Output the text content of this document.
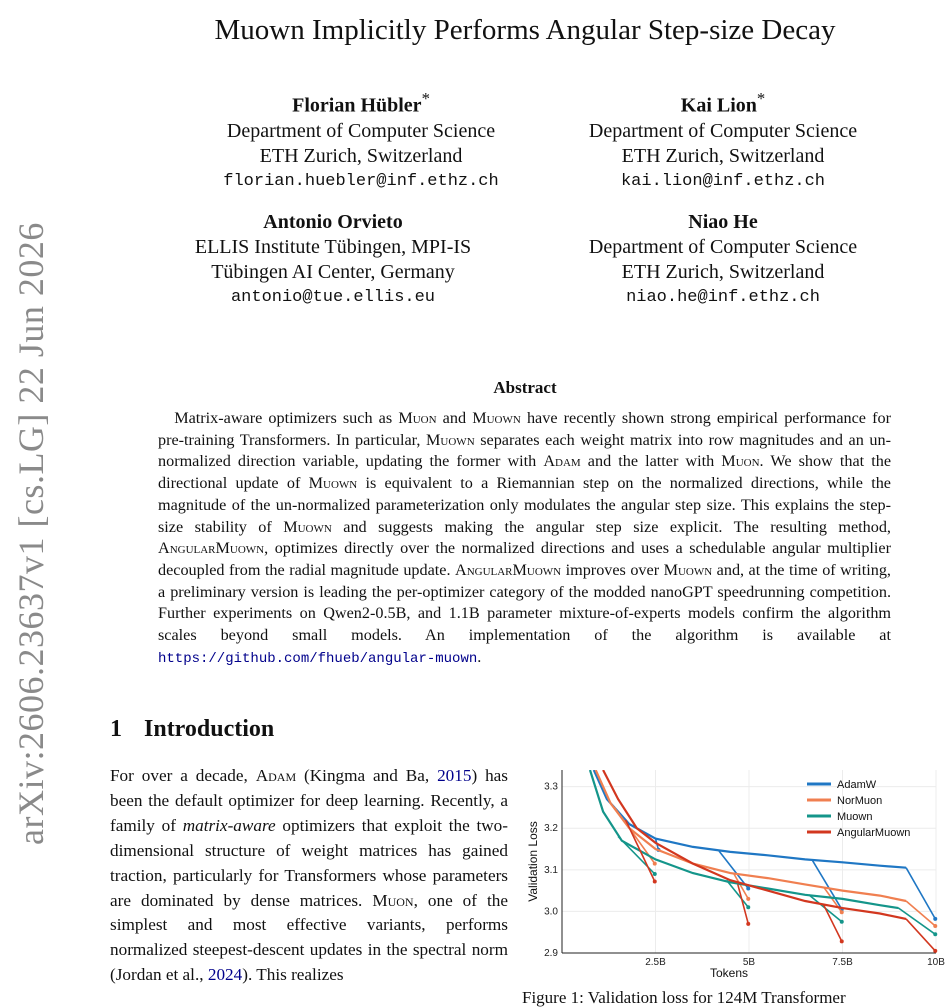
arXiv:2606.23637v1 [cs.LG] 22 Jun 2026
Muown Implicitly Performs Angular Step-size Decay
Florian Hübler*
Department of Computer Science
ETH Zurich, Switzerland
florian.huebler@inf.ethz.ch
Kai Lion*
Department of Computer Science
ETH Zurich, Switzerland
kai.lion@inf.ethz.ch
Antonio Orvieto
ELLIS Institute Tübingen, MPI-IS
Tübingen AI Center, Germany
antonio@tue.ellis.eu
Niao He
Department of Computer Science
ETH Zurich, Switzerland
niao.he@inf.ethz.ch
Abstract
 Matrix-aware optimizers such as Muon and Muown have recently shown strong empirical performance for pre-training Transformers. In particular, Muown separates each weight matrix into row magnitudes and an un-normalized direction variable, updating the former with Adam and the latter with Muon. We show that the directional update of Muown is equivalent to a Riemannian step on the normalized directions, while the magnitude of the un-normalized parameterization only modulates the angular step size. This explains the step-size stability of Muown and suggests making the angular step size explicit. The resulting method, AngularMuown, optimizes directly over the normalized directions and uses a schedulable angular multiplier decoupled from the radial magnitude update. AngularMuown improves over Muown and, at the time of writing, a preliminary version is leading the per-optimizer category of the modded nanoGPT speedrunning competition. Further experiments on Qwen2-0.5B, and 1.1B parameter mixture-of-experts models confirm the algorithm scales beyond small models. An implementation of the algorithm is available at https://github.com/fhueb/angular-muown.
1 Introduction
For over a decade, Adam (Kingma and Ba, 2015) has been the default optimizer for deep learning. Recently, a family of matrix-aware optimizers that exploit the two-dimensional structure of weight matrices has gained traction, particularly for Transformers whose parameters are dominated by dense matrices. Muon, one of the simplest and most effective variants, performs normalized steepest-descent updates in the spectral norm (Jordan et al., 2024). This realizes
2.9
3.0
3.1
3.2
3.3
2.5B	5B	7.5B	10B
Tokens
Validation Loss
AdamW
NorMuon
Muown
AngularMuown
Figure 1: Validation loss for 124M Transformer
